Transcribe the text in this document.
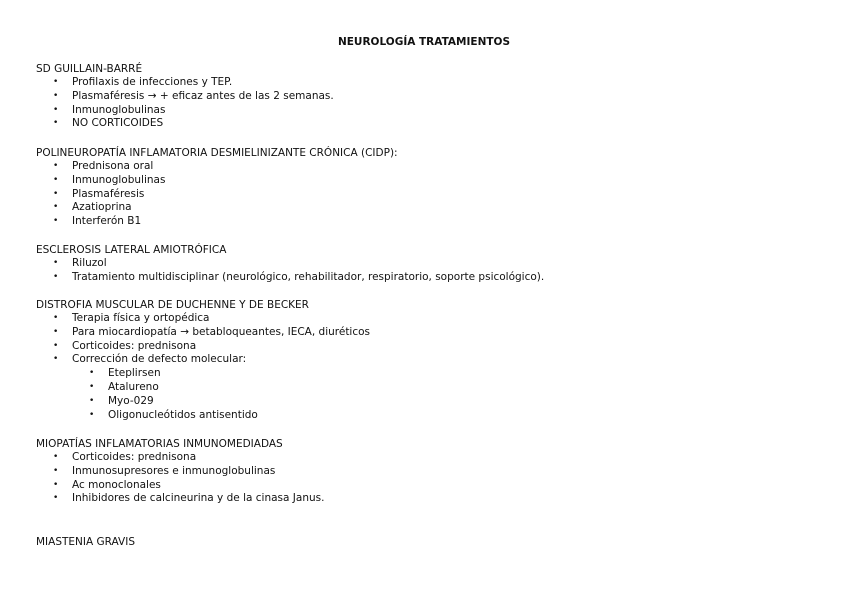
NEUROLOGÍA TRATAMIENTOS
SD GUILLAIN-BARRÉ
• Profilaxis de infecciones y TEP.
• Plasmaféresis → + eficaz antes de las 2 semanas.
• Inmunoglobulinas
• NO CORTICOIDES
POLINEUROPATÍA INFLAMATORIA DESMIELINIZANTE CRÓNICA (CIDP):
• Prednisona oral
• Inmunoglobulinas
• Plasmaféresis
• Azatioprina
• Interferón B1
ESCLEROSIS LATERAL AMIOTRÓFICA
• Riluzol
• Tratamiento multidisciplinar (neurológico, rehabilitador, respiratorio, soporte psicológico).
DISTROFIA MUSCULAR DE DUCHENNE Y DE BECKER
• Terapia física y ortopédica
• Para miocardiopatía → betabloqueantes, IECA, diuréticos
• Corticoides: prednisona
• Corrección de defecto molecular:
• Eteplirsen
• Atalureno
• Myo-029
• Oligonucleótidos antisentido
MIOPATÍAS INFLAMATORIAS INMUNOMEDIADAS
• Corticoides: prednisona
• Inmunosupresores e inmunoglobulinas
• Ac monoclonales
• Inhibidores de calcineurina y de la cinasa Janus.
MIASTENIA GRAVIS
